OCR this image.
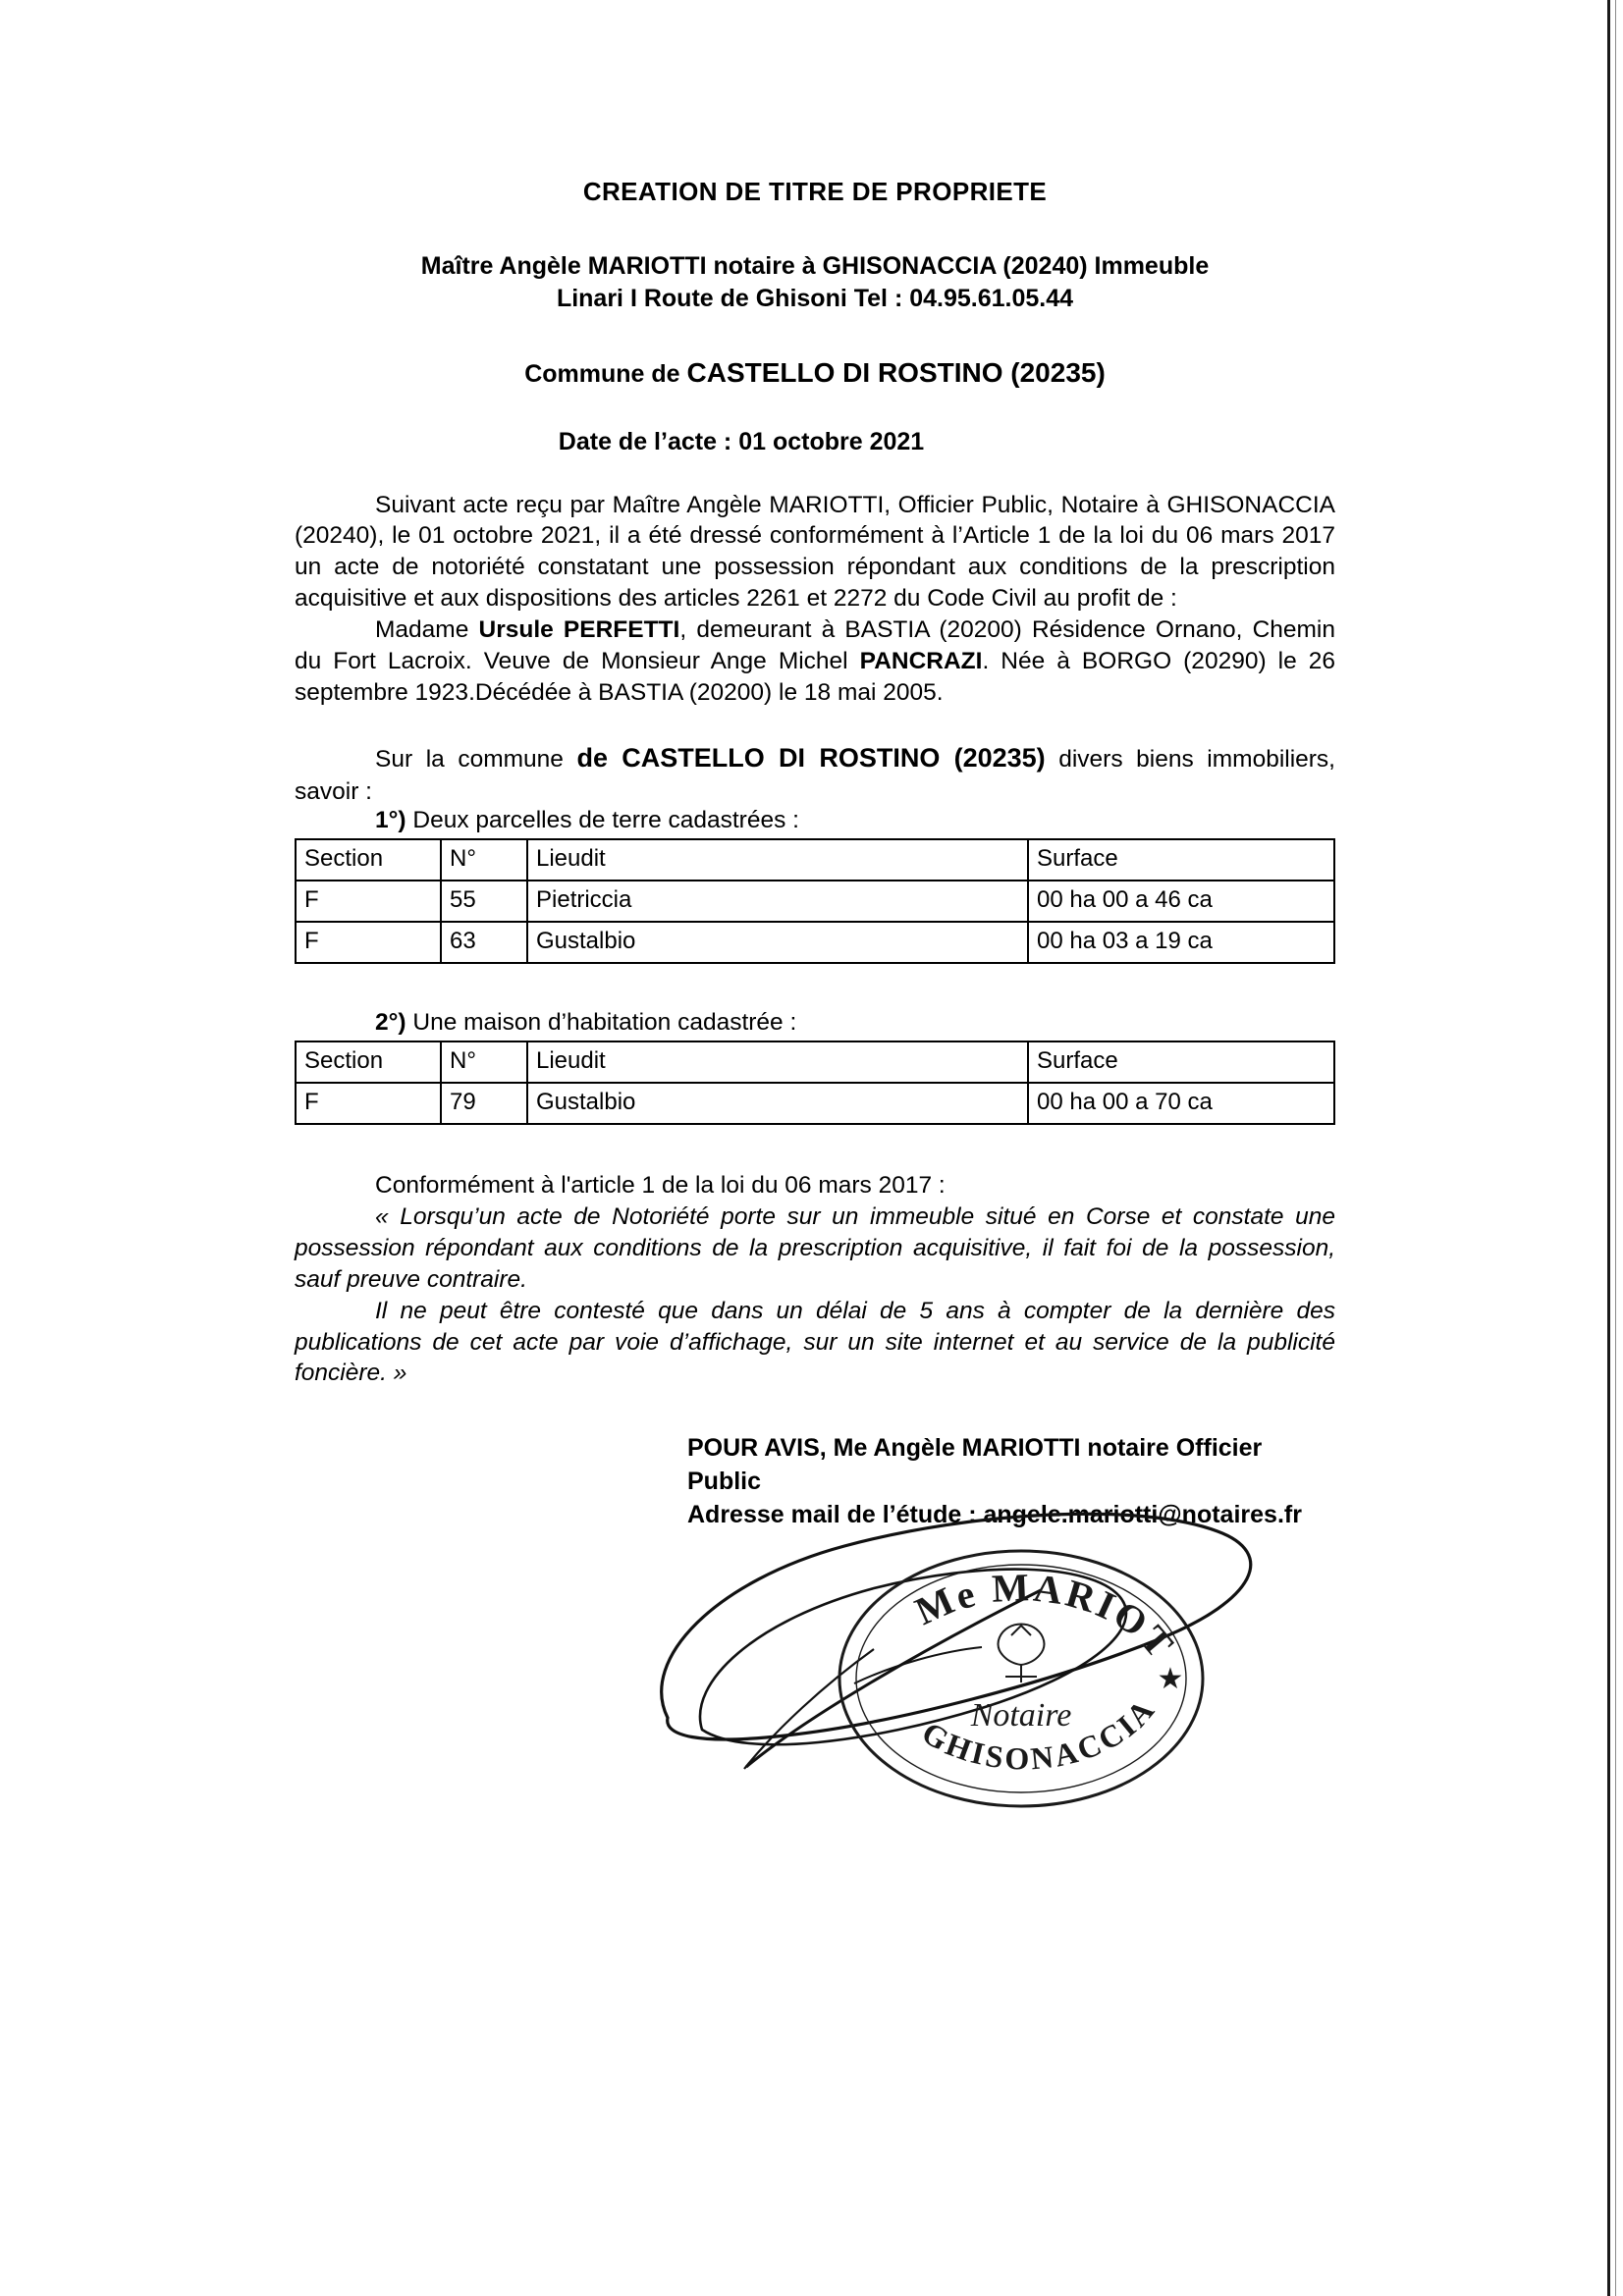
CREATION DE TITRE DE PROPRIETE
Maître Angèle MARIOTTI notaire à GHISONACCIA (20240) Immeuble
Linari I Route de Ghisoni Tel : 04.95.61.05.44
Commune de CASTELLO DI ROSTINO (20235)
Date de l’acte : 01 octobre 2021

Suivant acte reçu par Maître Angèle MARIOTTI, Officier Public, Notaire à GHISONACCIA (20240), le 01 octobre 2021, il a été dressé conformément à l’Article 1 de la loi du 06 mars 2017 un acte de notoriété constatant une possession répondant aux conditions de la prescription acquisitive et aux dispositions des articles 2261 et 2272 du Code Civil au profit de :

Madame Ursule PERFETTI, demeurant à BASTIA (20200) Résidence Ornano, Chemin du Fort Lacroix. Veuve de Monsieur Ange Michel PANCRAZI. Née à BORGO (20290) le 26 septembre 1923.Décédée à BASTIA (20200) le 18 mai 2005.

Sur la commune de CASTELLO DI ROSTINO (20235) divers biens immobiliers, savoir :

1°) Deux parcelles de terre cadastrées :

Section	N°	Lieudit	Surface
F	55	Pietriccia	00 ha 00 a 46 ca
F	63	Gustalbio	00 ha 03 a 19 ca

2°) Une maison d’habitation cadastrée :

Section	N°	Lieudit	Surface
F	79	Gustalbio	00 ha 00 a 70 ca

Conformément à l'article 1 de la loi du 06 mars 2017 :

« Lorsqu’un acte de Notoriété porte sur un immeuble situé en Corse et constate une possession répondant aux conditions de la prescription acquisitive, il fait foi de la possession, sauf preuve contraire.

Il ne peut être contesté que dans un délai de 5 ans à compter de la dernière des publications de cet acte par voie d’affichage, sur un site internet et au service de la publicité foncière. »

POUR AVIS, Me Angèle MARIOTTI notaire Officier Public
Adresse mail de l’étude : angele.mariotti@notaires.fr
Me MARIOTTI
Notaire
GHISONACCIA
★
